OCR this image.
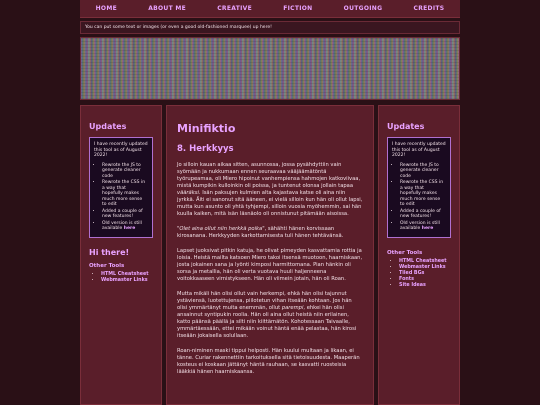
HOME	ABOUT ME	CREATIVE	FICTION	OUTGOING	CREDITS
You can put some text or images (or even a good old-fashioned marquee) up here!
Updates
I have recently updated this tool as of August 2022!
• Rewrote the JS to generate cleaner code
• Rewrote the CSS in a way that hopefully makes much more sense to edit
• Added a couple of new features!
• Old version is still available here
Hi there!
Other Tools
• HTML Cheatsheet
• Webmaster Links
Minifiktio
8. Herkkyys

Jo silloin kauan aikaa sitten, asunnossa, jossa pysähdyttiin vain syömään ja nukkumaan ennen seuraavaa vääjäämätöntä työrupeamaa, oli Miero hipoinut vanhempiensa hahmojen katkoviivaa, mistä kumpikin kulloinkin oli poissa, ja tuntenut olonsa jollain tapaa vääräksi. Isän paksujen kulmien alta kajastava katse oli aina niin jyrkkä. Äiti ei sanonut sitä ääneen, ei vielä silloin kun hän oli ollut lapsi, mutta kun asunto oli yhtä tyhjempi, silloin vuosia myöhemmin, sai hän kuulla kaiken, mitä isän läsnäolo oli onnistunut pitämään aisoissa.

"Olet aina ollut niin herkkä poika", sähähti hänen korvissaan kirosanana. Herkkyyden karkottamisesta tuli hänen tehtävänsä.

Lapset juoksivat pitkin katuja, he olivat pimeyden kasvattamia rottia ja loisia. Heistä mailta katsoen Miero takoi itsensä muotoon, haarniskaan, josta jokainen sana ja lyönti kimposi harmittomana. Pian hänkin oli sorsa ja metallia, hän oli verta vuotava huuli haljenneena voitokkaaseen virnistykseen. Hän oli viimein jotain, hän oli Roan.

Mutta mikäli hän olisi ollut vain herkempi, ehkä hän olisi tajunnut ystäviensä, luotettujensa, piilotetun vihan itseään kohtaan. Jos hän olisi ymmärtänyt muita enemmän, ollut parempi, ehkei hän olisi ansainnut syntipukin roolia. Hän oli aina ollut heistä niin erilainen, katto päänsä päällä ja silti niin kiittämätön. Kohotessaan Taivaalle, ymmärtäessään, ettei mikään voinut häntä enää pelastaa, hän kirosi itseään jokaisella solullaan.

Roan-niminen maski tippui helposti. Hän kuului multaan ja likaan, ei tänne. Curiar rakennettiin tarkoituksella sitä tietoisuudesta. Maaperän kosteus ei koskaan jättänyt häntä rauhaan, se kasvatti ruosteisia lääkkiä hänen haarniskaansa.

Updates
I have recently updated this tool as of August 2022!
• Rewrote the JS to generate cleaner code
• Rewrote the CSS in a way that hopefully makes much more sense to edit
• Added a couple of new features!
• Old version is still available here
Other Tools
• HTML Cheatsheet
• Webmaster Links
• Tiled BGs
• Fonts
• Site Ideas
